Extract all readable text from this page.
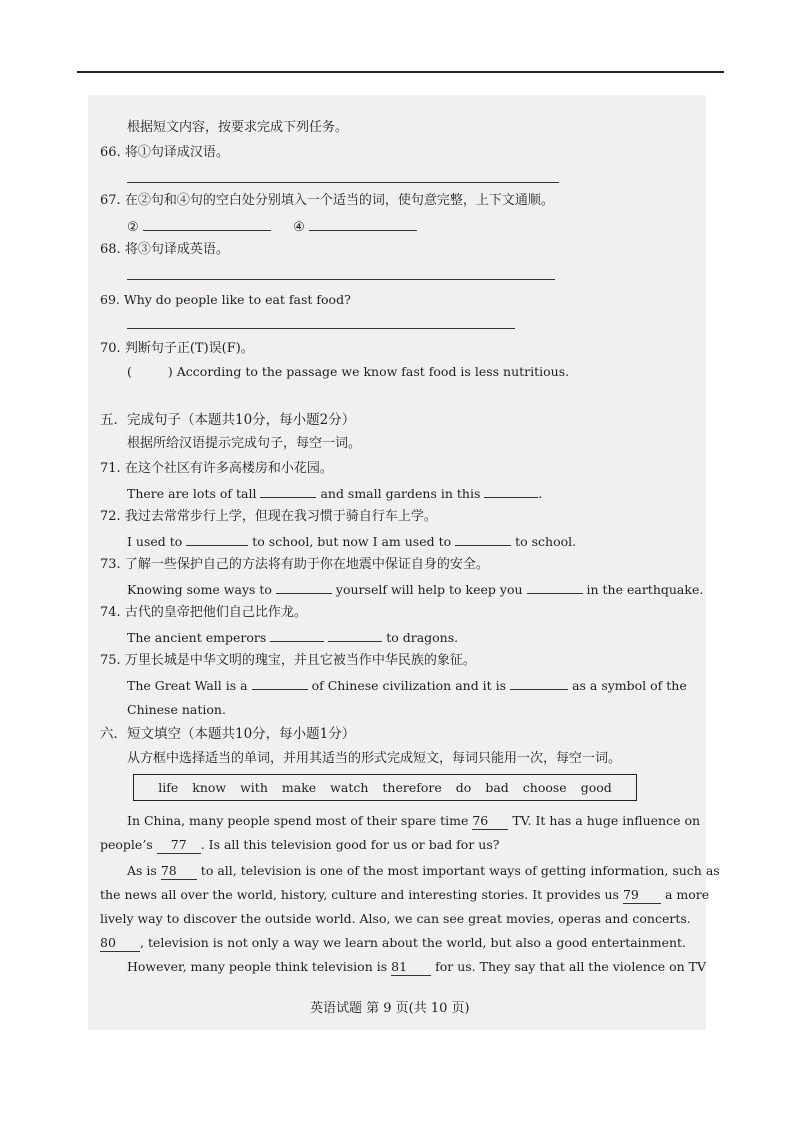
根据短文内容，按要求完成下列任务。
66. 将①句译成汉语。
67. 在②句和④句的空白处分别填入一个适当的词，使句意完整，上下文通顺。
②	④
68. 将③句译成英语。
69. Why do people like to eat fast food?
70. 判断句子正(T)误(F)。
(	) According to the passage we know fast food is less nutritious.
五．完成句子（本题共10分，每小题2分）
根据所给汉语提示完成句子，每空一词。
71. 在这个社区有许多高楼房和小花园。
There are lots of tall	and small gardens in this	.
72. 我过去常常步行上学，但现在我习惯于骑自行车上学。
I used to	to school, but now I am used to	to school.
73. 了解一些保护自己的方法将有助于你在地震中保证自身的安全。
Knowing some ways to	yourself will help to keep you	in the earthquake.
74. 古代的皇帝把他们自己比作龙。
The ancient emperors	to dragons.
75. 万里长城是中华文明的瑰宝，并且它被当作中华民族的象征。
The Great Wall is a	of Chinese civilization and it is	as a symbol of the
Chinese nation.
六．短文填空（本题共10分，每小题1分）
从方框中选择适当的单词，并用其适当的形式完成短文，每词只能用一次，每空一词。
life know with make watch therefore do bad choose good
In China, many people spend most of their spare time 76 TV. It has a huge influence on
people’s 77 . Is all this television good for us or bad for us?
As is 78 to all, television is one of the most important ways of getting information, such as
the news all over the world, history, culture and interesting stories. It provides us 79 a more
lively way to discover the outside world. Also, we can see great movies, operas and concerts.
80 , television is not only a way we learn about the world, but also a good entertainment.
However, many people think television is 81 for us. They say that all the violence on TV
英语试题 第 9 页(共 10 页)
